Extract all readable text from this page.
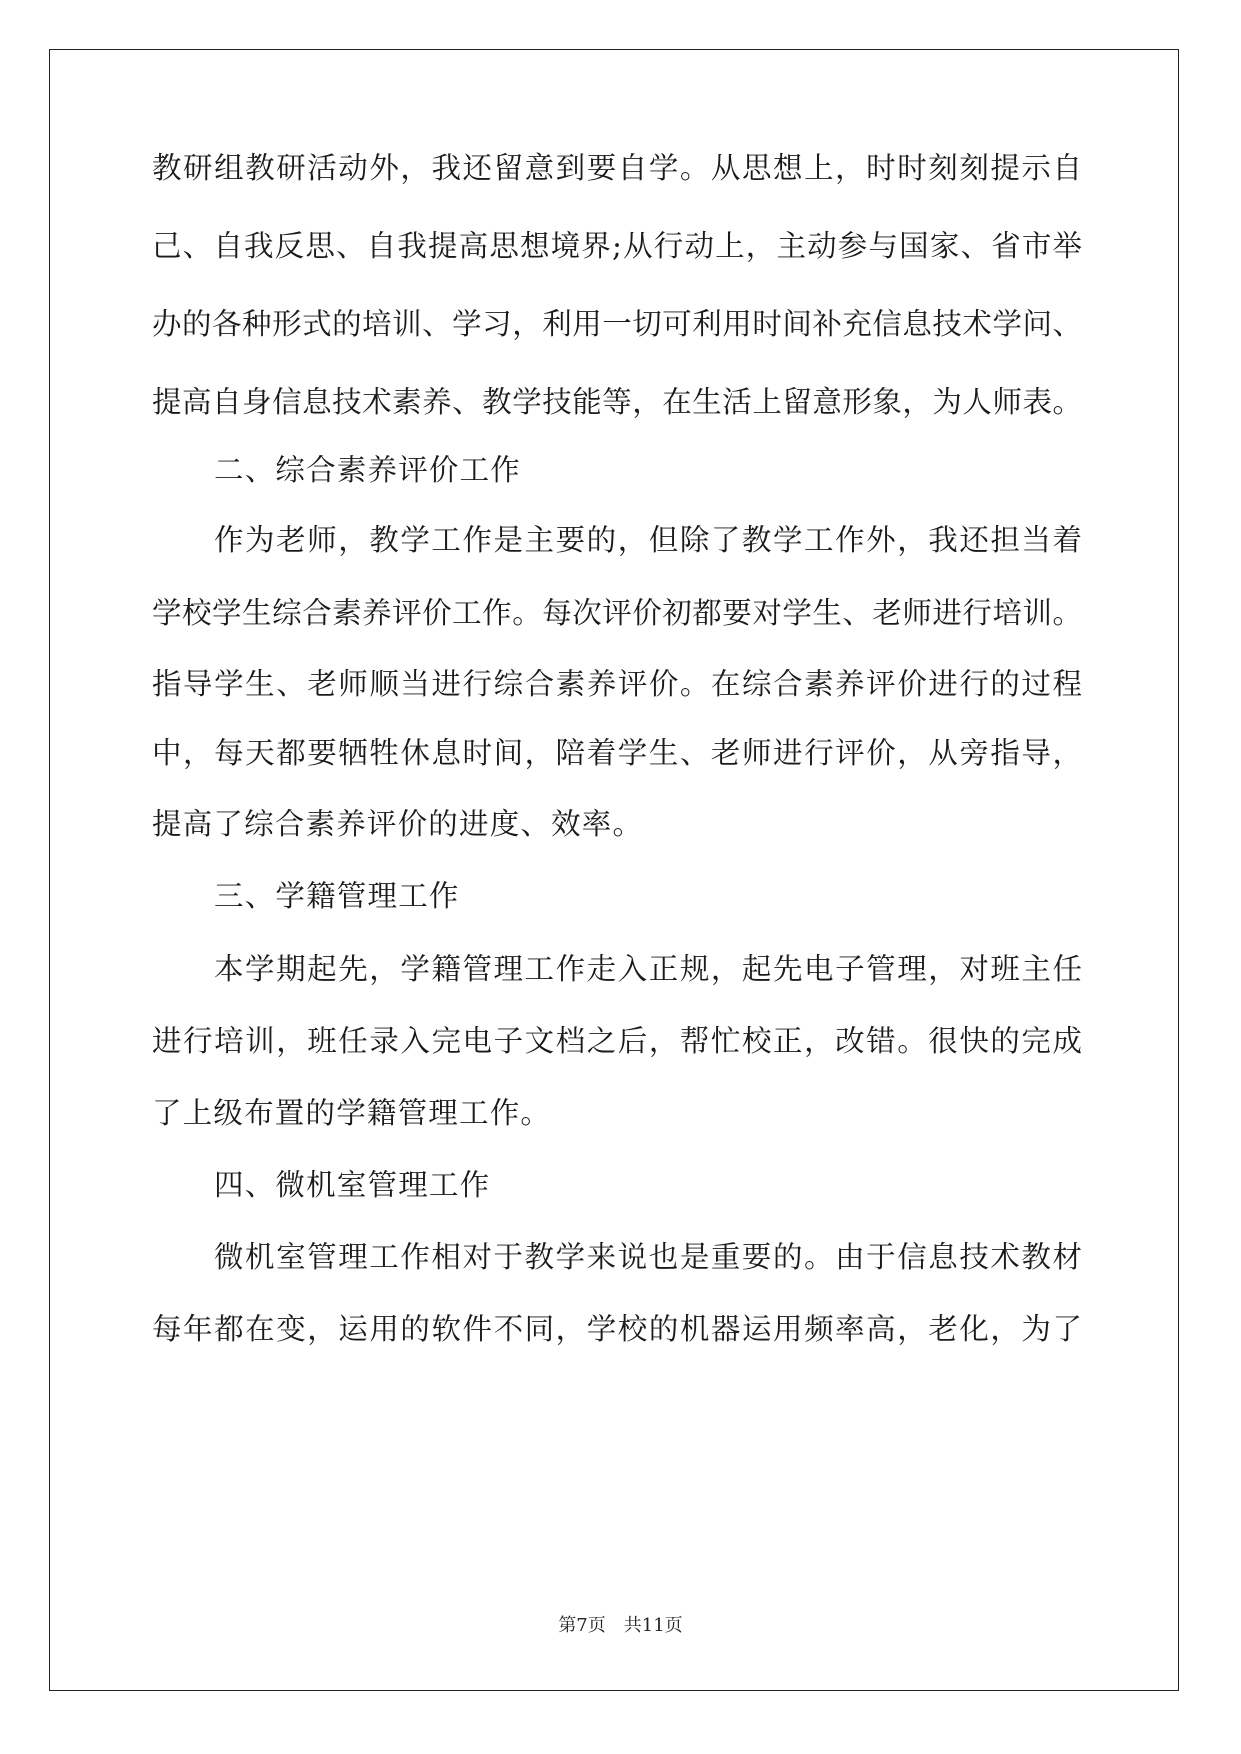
教研组教研活动外，我还留意到要自学。从思想上，时时刻刻提示自
己、自我反思、自我提高思想境界;从行动上，主动参与国家、省市举
办的各种形式的培训、学习，利用一切可利用时间补充信息技术学问、
提高自身信息技术素养、教学技能等，在生活上留意形象，为人师表。
二、综合素养评价工作
作为老师，教学工作是主要的，但除了教学工作外，我还担当着
学校学生综合素养评价工作。每次评价初都要对学生、老师进行培训。
指导学生、老师顺当进行综合素养评价。在综合素养评价进行的过程
中，每天都要牺牲休息时间，陪着学生、老师进行评价，从旁指导，
提高了综合素养评价的进度、效率。
三、学籍管理工作
本学期起先，学籍管理工作走入正规，起先电子管理，对班主任
进行培训，班任录入完电子文档之后，帮忙校正，改错。很快的完成
了上级布置的学籍管理工作。
四、微机室管理工作
微机室管理工作相对于教学来说也是重要的。由于信息技术教材
每年都在变，运用的软件不同，学校的机器运用频率高，老化，为了
第7页　共11页
